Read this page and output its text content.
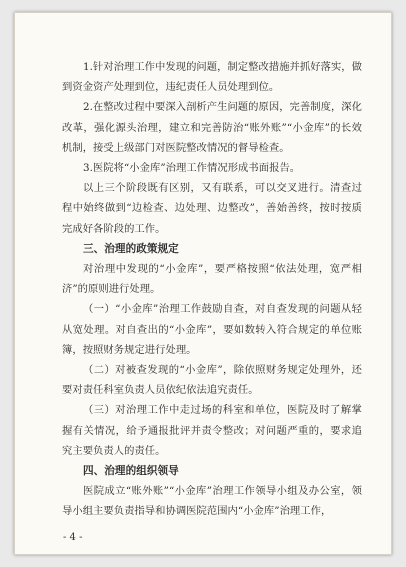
1.针对治理工作中发现的问题，制定整改措施并抓好落实，做到资金资产处理到位，违纪责任人员处理到位。

2.在整改过程中要深入剖析产生问题的原因，完善制度，深化改革，强化源头治理，建立和完善防治“账外账”“小金库”的长效机制，接受上级部门对医院整改情况的督导检查。

3.医院将“小金库”治理工作情况形成书面报告。

以上三个阶段既有区别，又有联系，可以交叉进行。清查过程中始终做到“边检查、边处理、边整改”，善始善终，按时按质完成好各阶段的工作。

三、治理的政策规定

对治理中发现的“小金库”，要严格按照“依法处理，宽严相济”的原则进行处理。

（一）“小金库”治理工作鼓励自查，对自查发现的问题从轻从宽处理。对自查出的“小金库”，要如数转入符合规定的单位账簿，按照财务规定进行处理。

（二）对被查发现的“小金库”，除依照财务规定处理外，还要对责任科室负责人员依纪依法追究责任。

（三）对治理工作中走过场的科室和单位，医院及时了解掌握有关情况，给予通报批评并责令整改；对问题严重的，要求追究主要负责人的责任。

四、治理的组织领导

医院成立“账外账”“小金库”治理工作领导小组及办公室，领导小组主要负责指导和协调医院范围内“小金库”治理工作，

- 4 -
